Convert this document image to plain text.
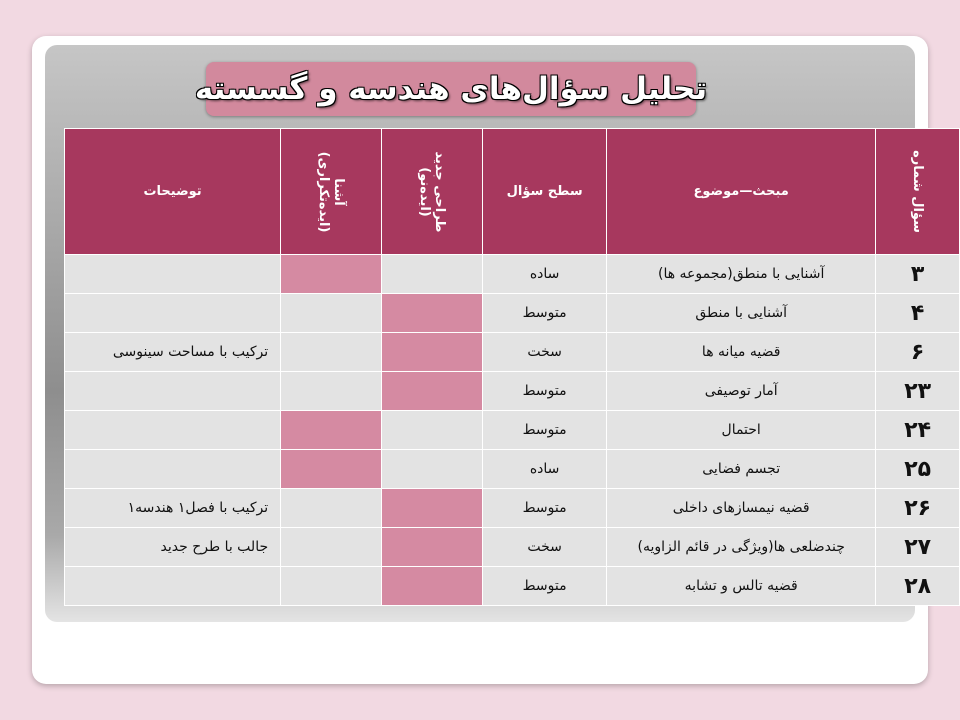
تحلیل سؤال‌های هندسه و گسسته
سؤال شماره	مبحث—موضوع	سطح سؤال	طراحی جدید (ایده‌نو)	آشنا (ایده‌تکراری)	توضیحات
۳	آشنایی با منطق(مجموعه ها)	ساده			
۴	آشنایی با منطق	متوسط			
۶	قضیه میانه ها	سخت			ترکیب با مساحت سینوسی
۲۳	آمار توصیفی	متوسط			
۲۴	احتمال	متوسط			
۲۵	تجسم فضایی	ساده			
۲۶	قضیه نیمسازهای داخلی	متوسط			ترکیب با فصل۱ هندسه۱
۲۷	چندضلعی ها(ویژگی در قائم الزاویه)	سخت			جالب با طرح جدید
۲۸	قضیه تالس و تشابه	متوسط			
